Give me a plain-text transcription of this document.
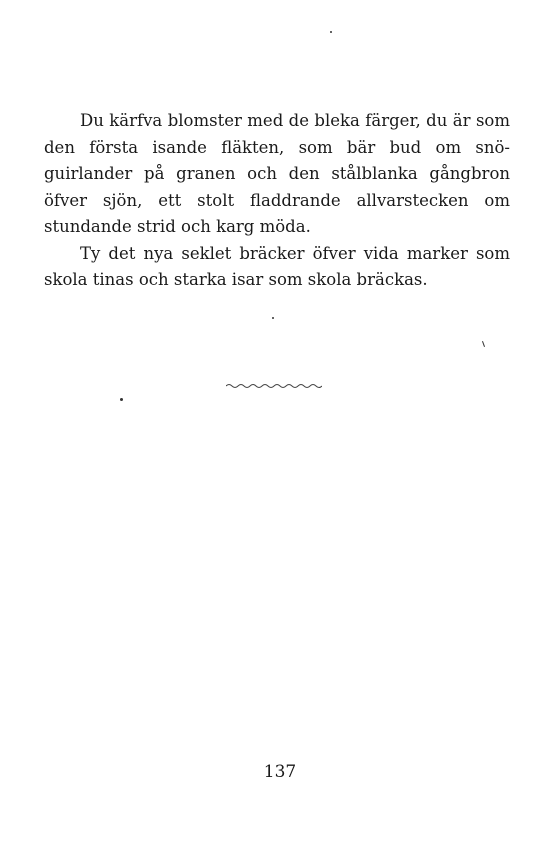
Du kärfva blomster med de bleka färger, du är som den första isande fläkten, som bär bud om snö-guirlander på granen och den stålblanka gångbron öfver sjön, ett stolt fladdrande allvarstecken om stundande strid och karg möda.

Ty det nya seklet bräcker öfver vida marker som skola tinas och starka isar som skola bräckas.

137
